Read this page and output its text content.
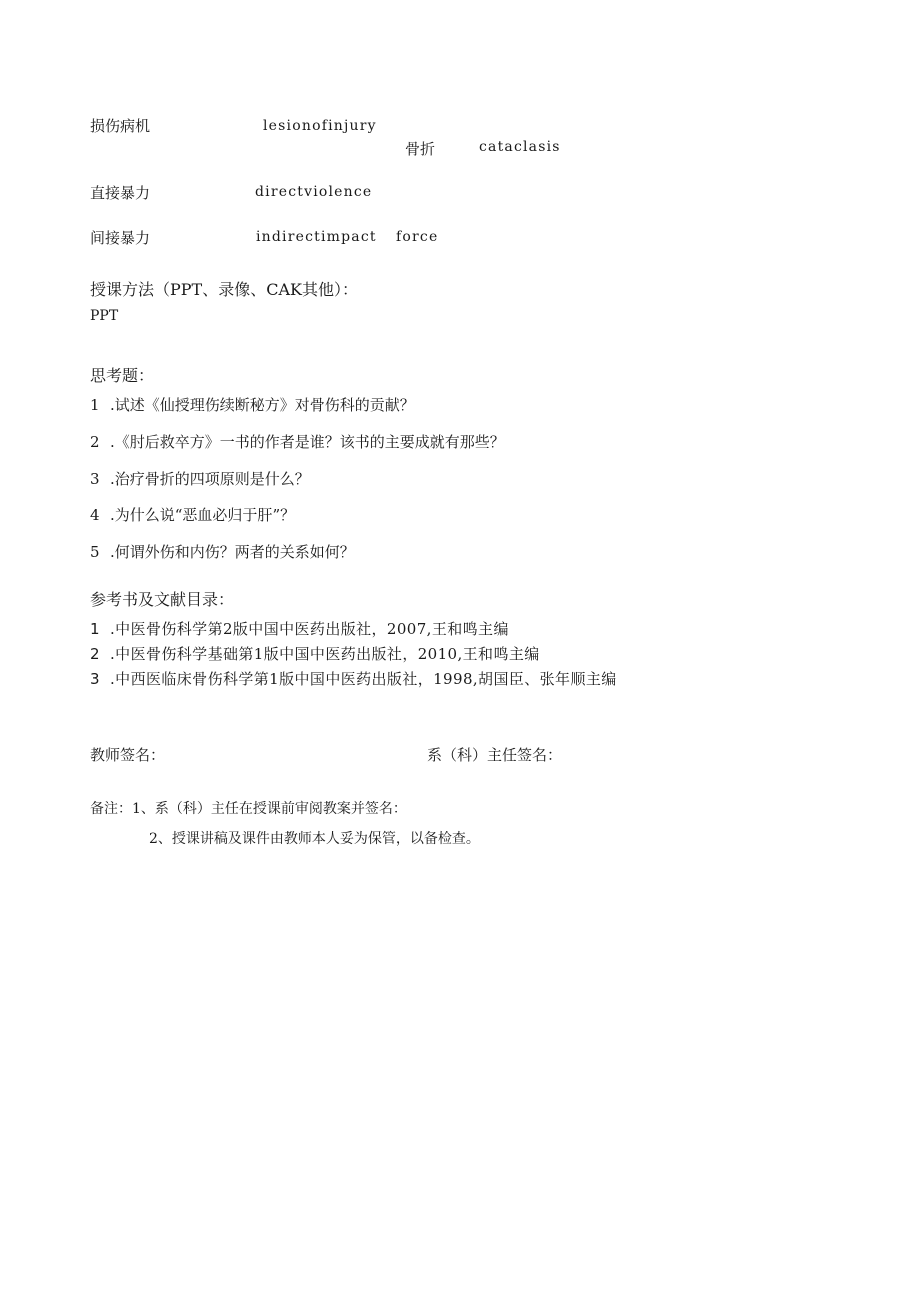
损伤病机	lesionofinjury
骨折	cataclasis
直接暴力	directviolence
间接暴力	indirectimpact force
授课方法（PPT、录像、CAK其他）：
PPT
思考题：
1 .试述《仙授理伤续断秘方》对骨伤科的贡献？
2 .《肘后救卒方》一书的作者是谁？该书的主要成就有那些？
3 .治疗骨折的四项原则是什么？
4 .为什么说“恶血必归于肝”？
5 .何谓外伤和内伤？两者的关系如何？
参考书及文献目录：
1 .中医骨伤科学第2版中国中医药出版社，2007,王和鸣主编
2 .中医骨伤科学基础第1版中国中医药出版社，2010,王和鸣主编
3 .中西医临床骨伤科学第1版中国中医药出版社，1998,胡国臣、张年顺主编
教师签名：	系（科）主任签名：
备注：1、系（科）主任在授课前审阅教案并签名：
2、授课讲稿及课件由教师本人妥为保管，以备检查。
